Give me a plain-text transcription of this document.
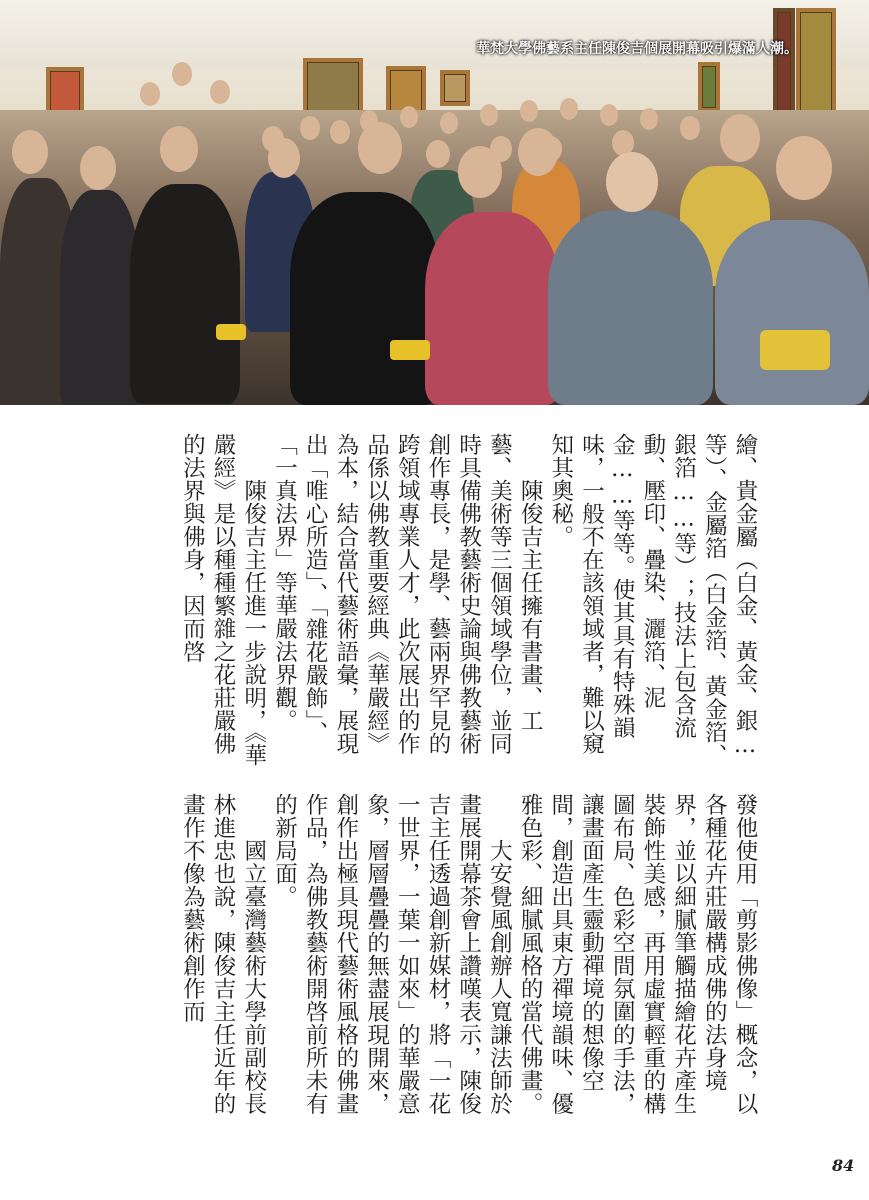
華梵大學佛藝系主任陳俊吉個展開幕吸引爆滿人潮。

繪、貴金屬（白金、黃金、銀…等）、金屬箔（白金箔、黃金箔、銀箔……等）；技法上包含流動、壓印、疊染、灑箔、泥金……等等。使其具有特殊韻味，一般不在該領域者，難以窺知其奧秘。

　　陳俊吉主任擁有書畫、工藝、美術等三個領域學位，並同時具備佛教藝術史論與佛教藝術創作專長，是學、藝兩界罕見的跨領域專業人才，此次展出的作品係以佛教重要經典《華嚴經》為本，結合當代藝術語彙，展現出「唯心所造」、「雜花嚴飾」、「一真法界」等華嚴法界觀。

　　陳俊吉主任進一步說明，《華嚴經》是以種種繁雜之花莊嚴佛的法界與佛身，因而啓

發他使用「剪影佛像」概念，以各種花卉莊嚴構成佛的法身境界，並以細膩筆觸描繪花卉產生裝飾性美感，再用虛實輕重的構圖布局、色彩空間氛圍的手法，讓畫面產生靈動禪境的想像空間，創造出具東方禪境韻味、優雅色彩、細膩風格的當代佛畫。

　　大安覺風創辦人寬謙法師於畫展開幕茶會上讚嘆表示，陳俊吉主任透過創新媒材，將「一花一世界，一葉一如來」的華嚴意象，層層疊疊的無盡展現開來，創作出極具現代藝術風格的佛畫作品，為佛教藝術開啓前所未有的新局面。

　　國立臺灣藝術大學前副校長林進忠也說，陳俊吉主任近年的畫作不像為藝術創作而

84
